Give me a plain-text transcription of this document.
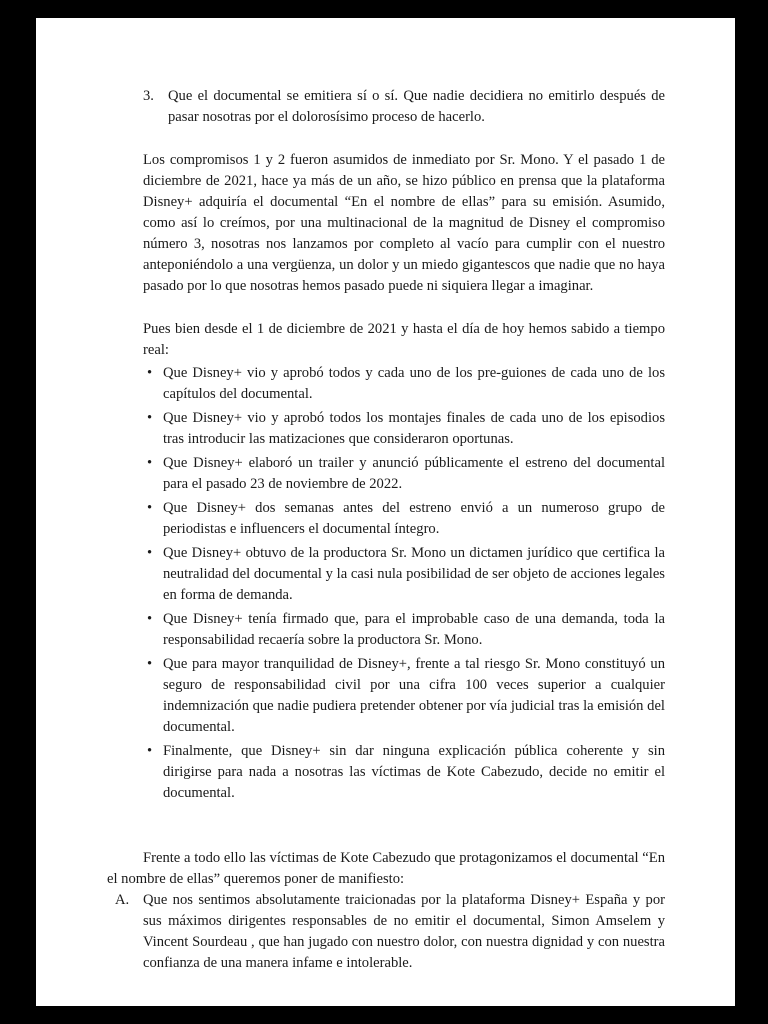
3. Que el documental se emitiera sí o sí. Que nadie decidiera no emitirlo después de pasar nosotras por el dolorosísimo proceso de hacerlo.

Los compromisos 1 y 2 fueron asumidos de inmediato por Sr. Mono. Y el pasado 1 de diciembre de 2021, hace ya más de un año, se hizo público en prensa que la plataforma Disney+ adquiría el documental “En el nombre de ellas” para su emisión. Asumido, como así lo creímos, por una multinacional de la magnitud de Disney el compromiso número 3, nosotras nos lanzamos por completo al vacío para cumplir con el nuestro anteponiéndolo a una vergüenza, un dolor y un miedo gigantescos que nadie que no haya pasado por lo que nosotras hemos pasado puede ni siquiera llegar a imaginar.

Pues bien desde el 1 de diciembre de 2021 y hasta el día de hoy hemos sabido a tiempo real:

• Que Disney+ vio y aprobó todos y cada uno de los pre-guiones de cada uno de los capítulos del documental.
• Que Disney+ vio y aprobó todos los montajes finales de cada uno de los episodios tras introducir las matizaciones que consideraron oportunas.
• Que Disney+ elaboró un trailer y anunció públicamente el estreno del documental para el pasado 23 de noviembre de 2022.
• Que Disney+ dos semanas antes del estreno envió a un numeroso grupo de periodistas e influencers el documental íntegro.
• Que Disney+ obtuvo de la productora Sr. Mono un dictamen jurídico que certifica la neutralidad del documental y la casi nula posibilidad de ser objeto de acciones legales en forma de demanda.
• Que Disney+ tenía firmado que, para el improbable caso de una demanda, toda la responsabilidad recaería sobre la productora Sr. Mono.
• Que para mayor tranquilidad de Disney+, frente a tal riesgo Sr. Mono constituyó un seguro de responsabilidad civil por una cifra 100 veces superior a cualquier indemnización que nadie pudiera pretender obtener por vía judicial tras la emisión del documental.
• Finalmente, que Disney+ sin dar ninguna explicación pública coherente y sin dirigirse para nada a nosotras las víctimas de Kote Cabezudo, decide no emitir el documental.

Frente a todo ello las víctimas de Kote Cabezudo que protagonizamos el documental “En el nombre de ellas” queremos poner de manifiesto:

A. Que nos sentimos absolutamente traicionadas por la plataforma Disney+ España y por sus máximos dirigentes responsables de no emitir el documental, Simon Amselem y Vincent Sourdeau , que han jugado con nuestro dolor, con nuestra dignidad y con nuestra confianza de una manera infame e intolerable.
